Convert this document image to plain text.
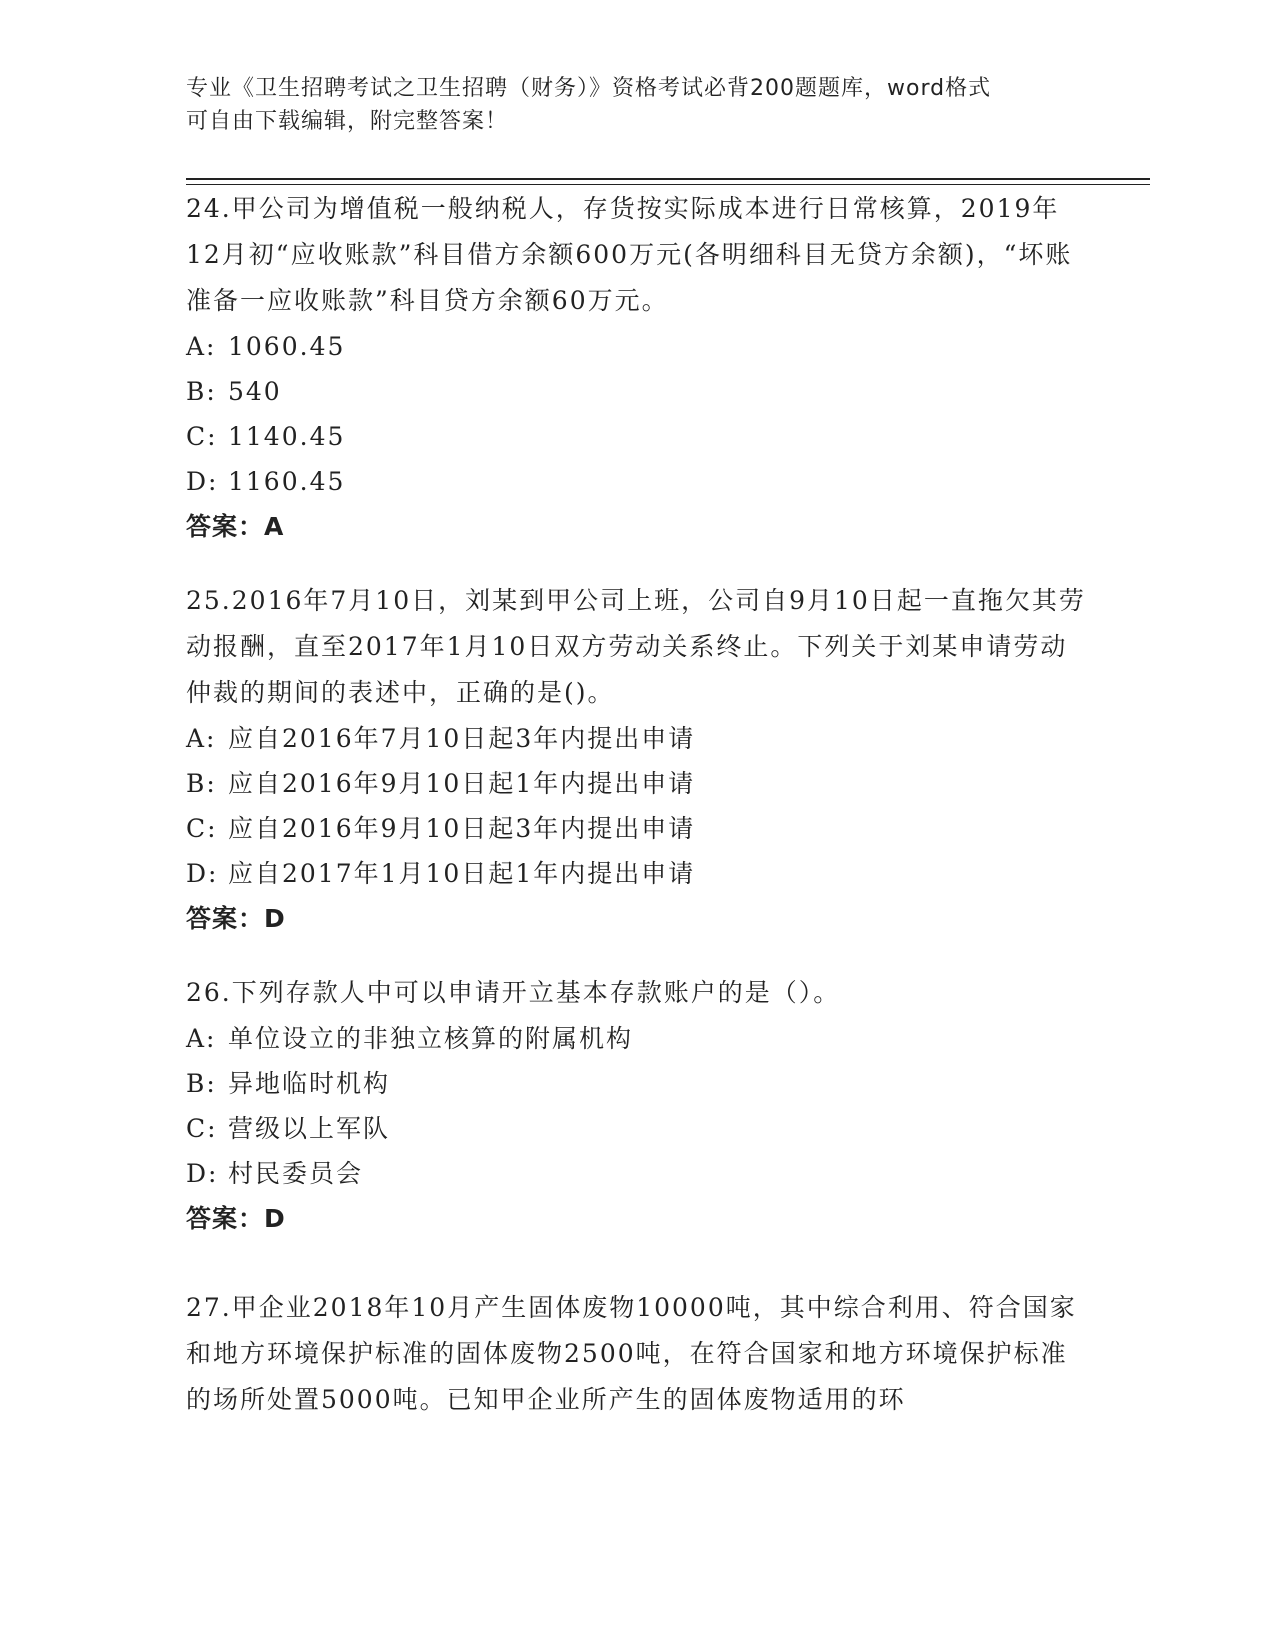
专业《卫生招聘考试之卫生招聘（财务）》资格考试必背200题题库，word格式
可自由下载编辑，附完整答案！

24.甲公司为增值税一般纳税人，存货按实际成本进行日常核算，2019年12月初“应收账款”科目借方余额600万元(各明细科目无贷方余额)，“坏账准备一应收账款”科目贷方余额60万元。

A: 1060.45

B: 540

C: 1140.45

D: 1160.45

答案：A

25.2016年7月10日，刘某到甲公司上班，公司自9月10日起一直拖欠其劳动报酬，直至2017年1月10日双方劳动关系终止。下列关于刘某申请劳动仲裁的期间的表述中，正确的是()。

A: 应自2016年7月10日起3年内提出申请

B: 应自2016年9月10日起1年内提出申请

C: 应自2016年9月10日起3年内提出申请

D: 应自2017年1月10日起1年内提出申请

答案：D

26.下列存款人中可以申请开立基本存款账户的是（）。

A: 单位设立的非独立核算的附属机构

B: 异地临时机构

C: 营级以上军队

D: 村民委员会

答案：D

27.甲企业2018年10月产生固体废物10000吨，其中综合利用、符合国家和地方环境保护标准的固体废物2500吨，在符合国家和地方环境保护标准的场所处置5000吨。已知甲企业所产生的固体废物适用的环
